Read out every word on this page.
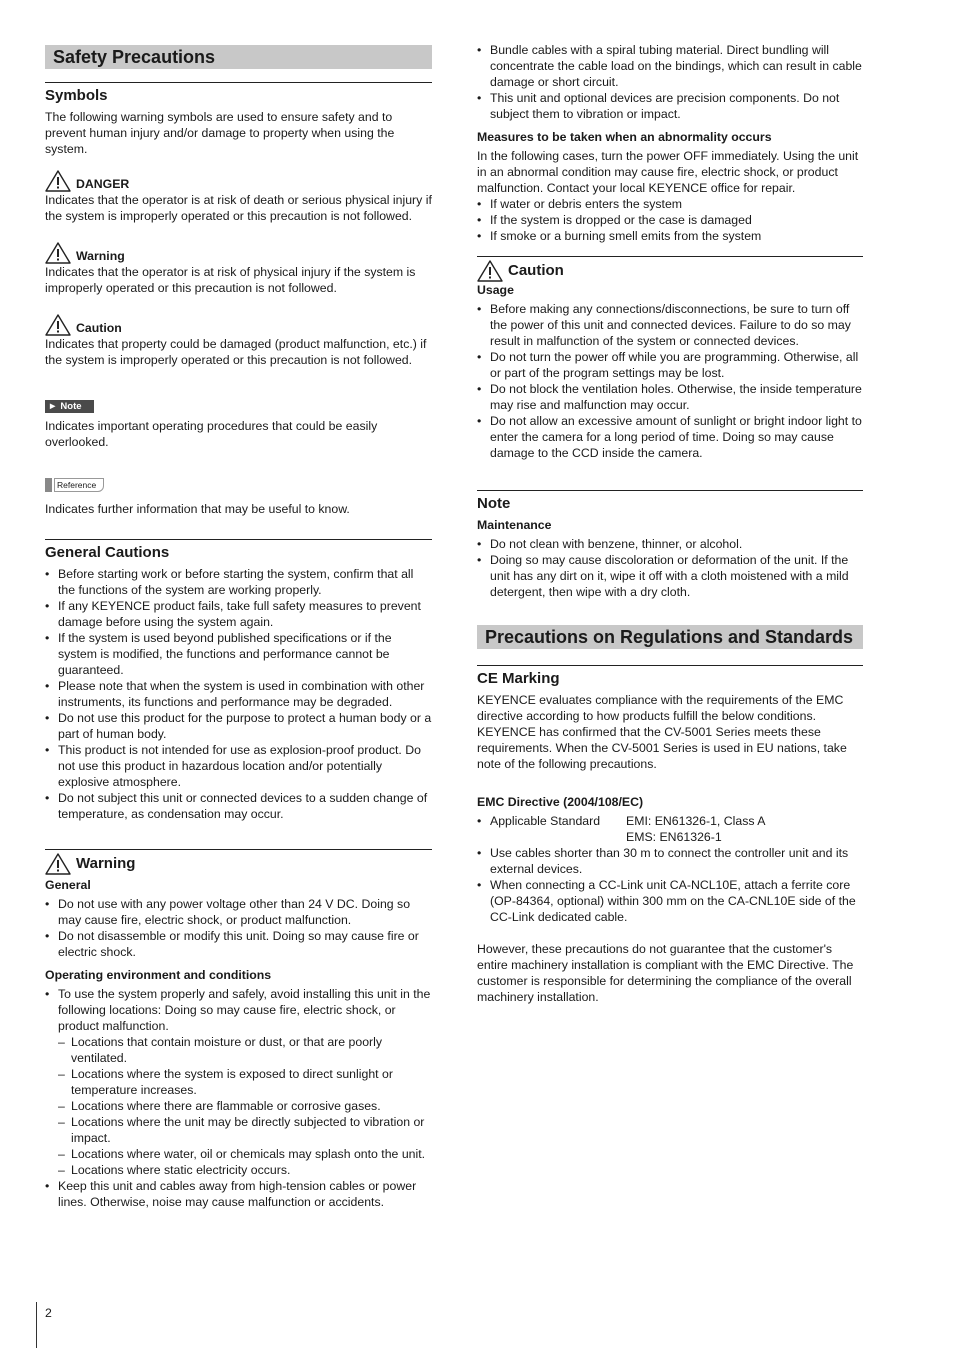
Safety Precautions
Symbols

The following warning symbols are used to ensure safety and to prevent human injury and/or damage to property when using the system.

DANGER

Indicates that the operator is at risk of death or serious physical injury if the system is improperly operated or this precaution is not followed.

Warning

Indicates that the operator is at risk of physical injury if the system is improperly operated or this precaution is not followed.

Caution

Indicates that property could be damaged (product malfunction, etc.) if the system is improperly operated or this precaution is not followed.

► Note

Indicates important operating procedures that could be easily overlooked.

Reference

Indicates further information that may be useful to know.

General Cautions
• Before starting work or before starting the system, confirm that all the functions of the system are working properly.
• If any KEYENCE product fails, take full safety measures to prevent damage before using the system again.
• If the system is used beyond published specifications or if the system is modified, the functions and performance cannot be guaranteed.
• Please note that when the system is used in combination with other instruments, its functions and performance may be degraded.
• Do not use this product for the purpose to protect a human body or a part of human body.
• This product is not intended for use as explosion-proof product. Do not use this product in hazardous location and/or potentially explosive atmosphere.
• Do not subject this unit or connected devices to a sudden change of temperature, as condensation may occur.
Warning
General
• Do not use with any power voltage other than 24 V DC. Doing so may cause fire, electric shock, or product malfunction.
• Do not disassemble or modify this unit. Doing so may cause fire or electric shock.
Operating environment and conditions
• To use the system properly and safely, avoid installing this unit in the following locations: Doing so may cause fire, electric shock, or product malfunction.
– Locations that contain moisture or dust, or that are poorly ventilated.
– Locations where the system is exposed to direct sunlight or temperature increases.
– Locations where there are flammable or corrosive gases.
– Locations where the unit may be directly subjected to vibration or impact.
– Locations where water, oil or chemicals may splash onto the unit.
– Locations where static electricity occurs.
• Keep this unit and cables away from high-tension cables or power lines. Otherwise, noise may cause malfunction or accidents.
• Bundle cables with a spiral tubing material. Direct bundling will concentrate the cable load on the bindings, which can result in cable damage or short circuit.
• This unit and optional devices are precision components. Do not subject them to vibration or impact.
Measures to be taken when an abnormality occurs

In the following cases, turn the power OFF immediately. Using the unit in an abnormal condition may cause fire, electric shock, or product malfunction. Contact your local KEYENCE office for repair.

• If water or debris enters the system
• If the system is dropped or the case is damaged
• If smoke or a burning smell emits from the system
Caution
Usage
• Before making any connections/disconnections, be sure to turn off the power of this unit and connected devices. Failure to do so may result in malfunction of the system or connected devices.
• Do not turn the power off while you are programming. Otherwise, all or part of the program settings may be lost.
• Do not block the ventilation holes. Otherwise, the inside temperature may rise and malfunction may occur.
• Do not allow an excessive amount of sunlight or bright indoor light to enter the camera for a long period of time. Doing so may cause damage to the CCD inside the camera.
Note
Maintenance
• Do not clean with benzene, thinner, or alcohol.
• Doing so may cause discoloration or deformation of the unit. If the unit has any dirt on it, wipe it off with a cloth moistened with a mild detergent, then wipe with a dry cloth.
Precautions on Regulations and Standards
CE Marking

KEYENCE evaluates compliance with the requirements of the EMC directive according to how products fulfill the below conditions. KEYENCE has confirmed that the CV-5001 Series meets these requirements. When the CV-5001 Series is used in EU nations, take note of the following precautions.

EMC Directive (2004/108/EC)
• Applicable Standard	EMI: EN61326-1, Class A
EMS: EN61326-1
• Use cables shorter than 30 m to connect the controller unit and its external devices.
• When connecting a CC-Link unit CA-NCL10E, attach a ferrite core (OP-84364, optional) within 300 mm on the CA-CNL10E side of the CC-Link dedicated cable.

However, these precautions do not guarantee that the customer's entire machinery installation is compliant with the EMC Directive. The customer is responsible for determining the compliance of the overall machinery installation.

2
